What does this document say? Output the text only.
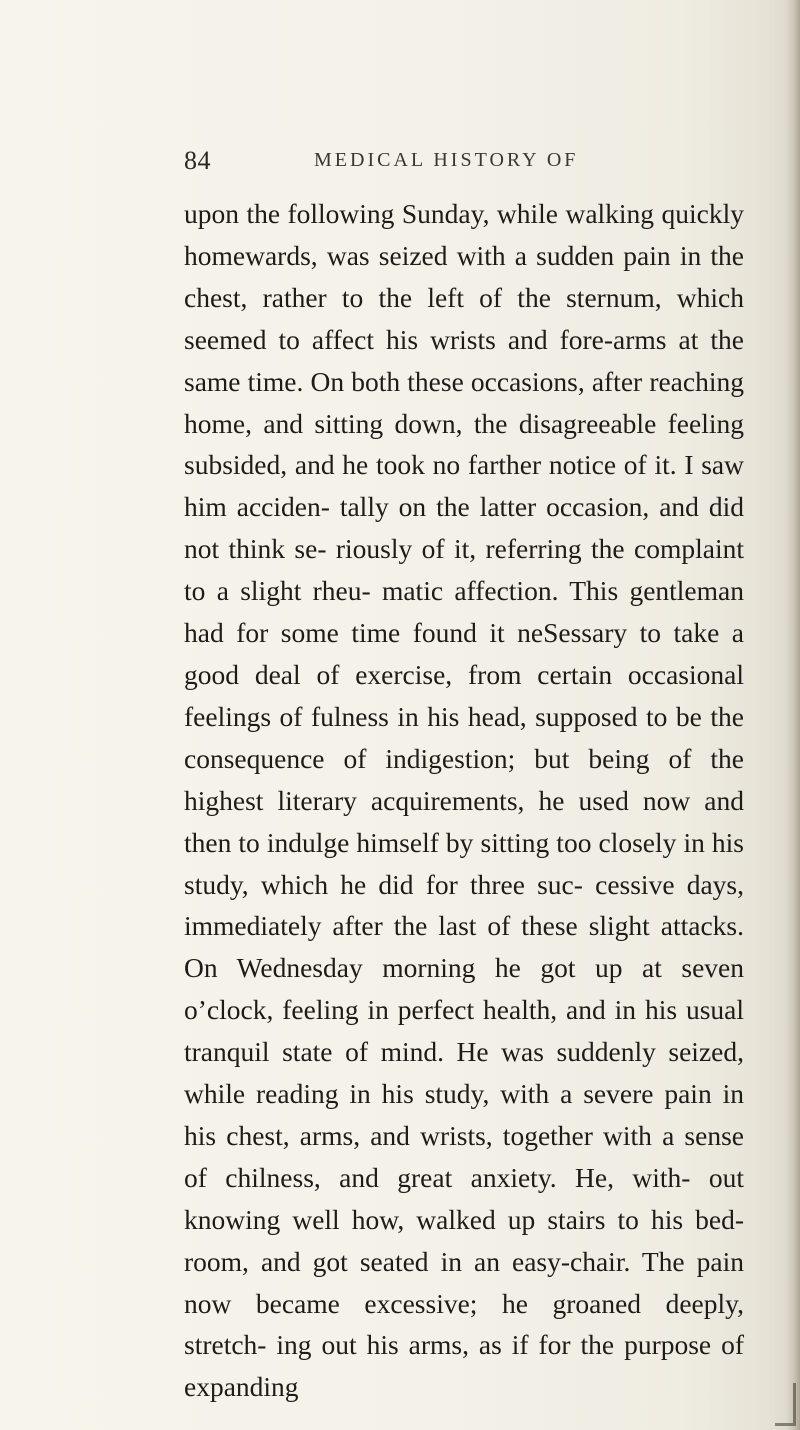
84	MEDICAL HISTORY OF

upon the following Sunday, while walking quickly homewards, was seized with a sudden pain in the chest, rather to the left of the sternum, which seemed to affect his wrists and fore-arms at the same time. On both these occasions, after reaching home, and sitting down, the disagreeable feeling subsided, and he took no farther notice of it. I saw him acciden- tally on the latter occasion, and did not think se- riously of it, referring the complaint to a slight rheu- matic affection. This gentleman had for some time found it neSessary to take a good deal of exercise, from certain occasional feelings of fulness in his head, supposed to be the consequence of indigestion; but being of the highest literary acquirements, he used now and then to indulge himself by sitting too closely in his study, which he did for three suc- cessive days, immediately after the last of these slight attacks. On Wednesday morning he got up at seven o’clock, feeling in perfect health, and in his usual tranquil state of mind. He was suddenly seized, while reading in his study, with a severe pain in his chest, arms, and wrists, together with a sense of chilness, and great anxiety. He, with- out knowing well how, walked up stairs to his bed- room, and got seated in an easy-chair. The pain now became excessive; he groaned deeply, stretch- ing out his arms, as if for the purpose of expanding
